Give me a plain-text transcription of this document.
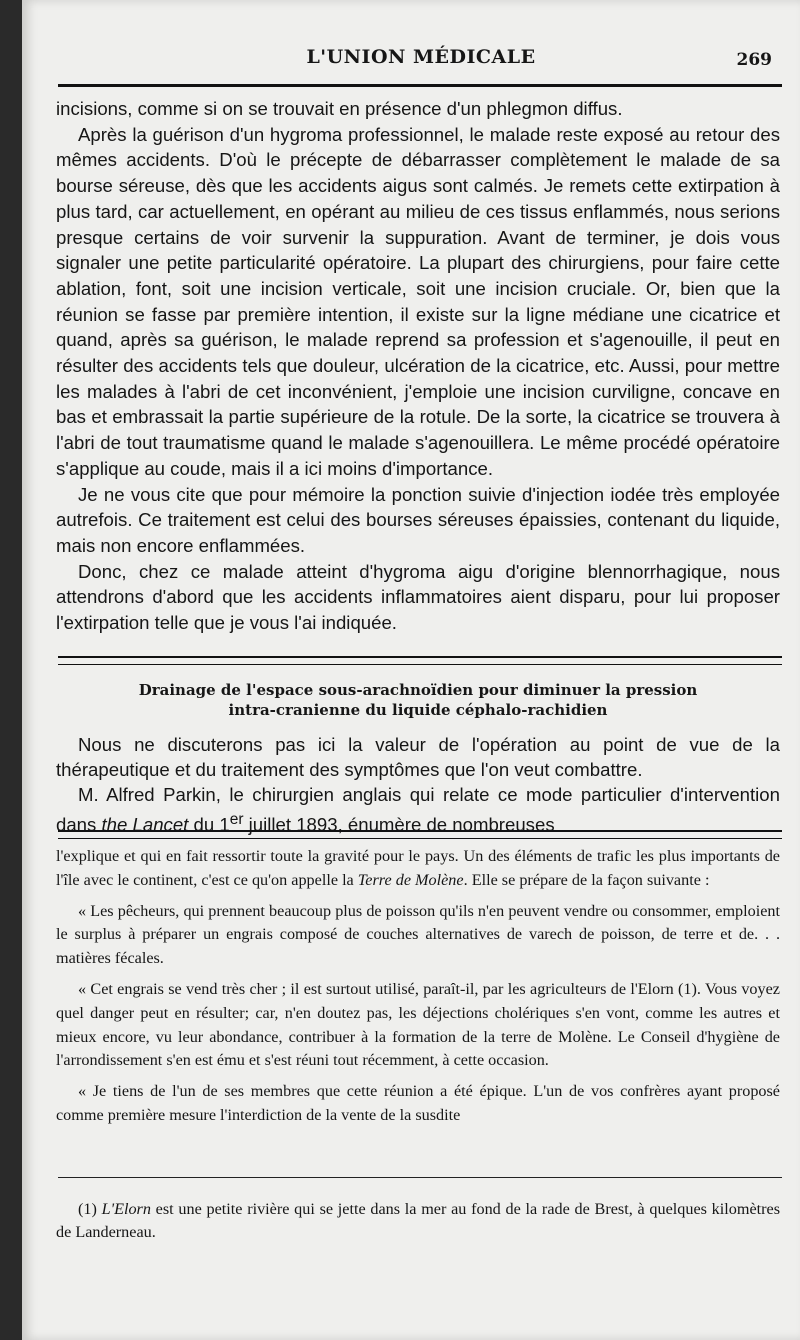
L'UNION MÉDICALE	269

incisions, comme si on se trouvait en présence d'un phlegmon diffus.

Après la guérison d'un hygroma professionnel, le malade reste exposé au retour des mêmes accidents. D'où le précepte de débarrasser complètement le malade de sa bourse séreuse, dès que les accidents aigus sont calmés. Je remets cette extirpation à plus tard, car actuellement, en opérant au milieu de ces tissus enflammés, nous serions presque certains de voir survenir la suppuration. Avant de terminer, je dois vous signaler une petite particularité opératoire. La plupart des chirurgiens, pour faire cette ablation, font, soit une incision verticale, soit une incision cruciale. Or, bien que la réunion se fasse par première intention, il existe sur la ligne médiane une cicatrice et quand, après sa guérison, le malade reprend sa profession et s'agenouille, il peut en résulter des accidents tels que douleur, ulcération de la cicatrice, etc. Aussi, pour mettre les malades à l'abri de cet inconvénient, j'emploie une incision curviligne, concave en bas et embrassait la partie supérieure de la rotule. De la sorte, la cicatrice se trouvera à l'abri de tout traumatisme quand le malade s'agenouillera. Le même procédé opératoire s'applique au coude, mais il a ici moins d'importance.

Je ne vous cite que pour mémoire la ponction suivie d'injection iodée très employée autrefois. Ce traitement est celui des bourses séreuses épaissies, contenant du liquide, mais non encore enflammées.

Donc, chez ce malade atteint d'hygroma aigu d'origine blennorrhagique, nous attendrons d'abord que les accidents inflammatoires aient disparu, pour lui proposer l'extirpation telle que je vous l'ai indiquée.

Drainage de l'espace sous-arachnoïdien pour diminuer la pression
intra-cranienne du liquide céphalo-rachidien

Nous ne discuterons pas ici la valeur de l'opération au point de vue de la thérapeutique et du traitement des symptômes que l'on veut combattre.

M. Alfred Parkin, le chirurgien anglais qui relate ce mode particulier d'intervention dans the Lancet du 1er juillet 1893, énumère de nombreuses

l'explique et qui en fait ressortir toute la gravité pour le pays. Un des éléments de trafic les plus importants de l'île avec le continent, c'est ce qu'on appelle la Terre de Molène. Elle se prépare de la façon suivante :

« Les pêcheurs, qui prennent beaucoup plus de poisson qu'ils n'en peuvent vendre ou consommer, emploient le surplus à préparer un engrais composé de couches alternatives de varech de poisson, de terre et de. . . matières fécales.

« Cet engrais se vend très cher ; il est surtout utilisé, paraît-il, par les agriculteurs de l'Elorn (1). Vous voyez quel danger peut en résulter; car, n'en doutez pas, les déjections cholériques s'en vont, comme les autres et mieux encore, vu leur abondance, contribuer à la formation de la terre de Molène. Le Conseil d'hygiène de l'arrondissement s'en est ému et s'est réuni tout récemment, à cette occasion.

« Je tiens de l'un de ses membres que cette réunion a été épique. L'un de vos confrères ayant proposé comme première mesure l'interdiction de la vente de la susdite

(1) L'Elorn est une petite rivière qui se jette dans la mer au fond de la rade de Brest, à quelques kilomètres de Landerneau.
